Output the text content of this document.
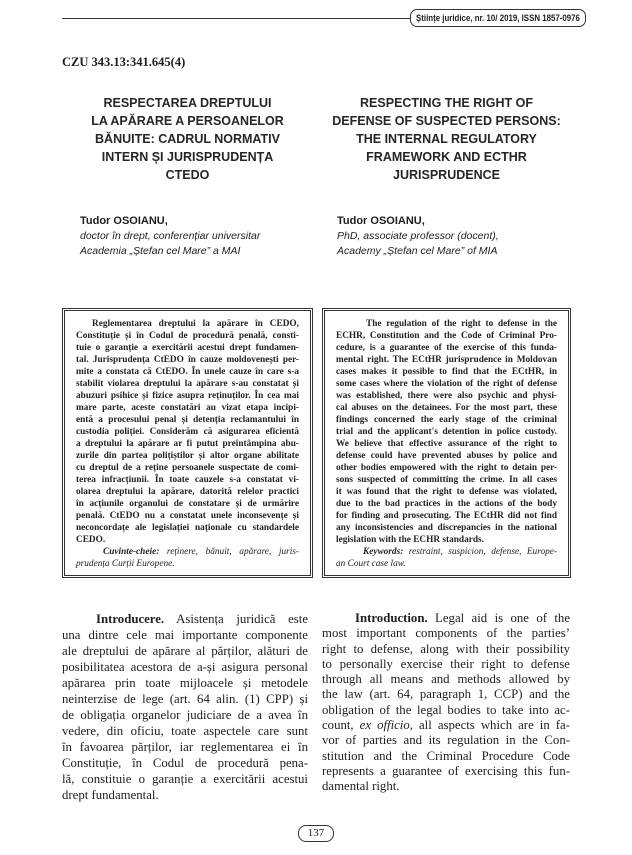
Științe juridice, nr. 10/ 2019, ISSN 1857-0976
CZU 343.13:341.645(4)
RESPECTAREA DREPTULUI
LA APĂRARE A PERSOANELOR
BĂNUITE: CADRUL NORMATIV
INTERN ȘI JURISPRUDENȚA
CTEDO
RESPECTING THE RIGHT OF
DEFENSE OF SUSPECTED PERSONS:
THE INTERNAL REGULATORY
FRAMEWORK AND ECTHR
JURISPRUDENCE
Tudor OSOIANU,
doctor în drept, conferențiar universitar
Academia „Ștefan cel Mare” a MAI
Tudor OSOIANU,
PhD, associate professor (docent),
Academy „Ștefan cel Mare” of MIA
Reglementarea dreptului la apărare în CEDO,
Constituție și în Codul de procedură penală, consti-
tuie o garanție a exercitării acestui drept fundamen-
tal. Jurisprudența CtEDO în cauze moldovenești per-
mite a constata că CtEDO. În unele cauze în care s-a
stabilit violarea dreptului la apărare s-au constatat și
abuzuri psihice și fizice asupra reținuților. În cea mai
mare parte, aceste constatări au vizat etapa incipi-
entă a procesului penal și detenția reclamantului în
custodia poliției. Considerăm că asigurarea eficientă
a dreptului la apărare ar fi putut preîntâmpina abu-
zurile din partea polițiștilor și altor organe abilitate
cu dreptul de a reține persoanele suspectate de comi-
terea infracțiunii. În toate cauzele s-a constatat vi-
olarea dreptului la apărare, datorită relelor practici
în acțiunile organului de constatare și de urmărire
penală. CtEDO nu a constatat unele inconsevențe și
neconcordațe ale legislației naționale cu standardele
CEDO.
Cuvinte-cheie: reținere, bănuit, apărare, juris-
prudența Curții Europene.
The regulation of the right to defense in the
ECHR, Constitution and the Code of Criminal Pro-
cedure, is a guarantee of the exercise of this funda-
mental right. The ECtHR jurisprudence in Moldovan
cases makes it possible to find that the ECtHR, in
some cases where the violation of the right of defense
was established, there were also psychic and physi-
cal abuses on the detainees. For the most part, these
findings concerned the early stage of the criminal
trial and the applicant's detention in police custody.
We believe that effective assurance of the right to
defense could have prevented abuses by police and
other bodies empowered with the right to detain per-
sons suspected of committing the crime. In all cases
it was found that the right to defense was violated,
due to the bad practices in the actions of the body
for finding and prosecuting. The ECtHR did not find
any inconsistencies and discrepancies in the national
legislation with the ECHR standards.
Keywords: restraint, suspicion, defense, Europe-
an Court case law.
Introducere. Asistența juridică este
una dintre cele mai importante componente
ale dreptului de apărare al părților, alături de
posibilitatea acestora de a-și asigura personal
apărarea prin toate mijloacele și metodele
neinterzise de lege (art. 64 alin. (1) CPP) și
de obligația organelor judiciare de a avea în
vedere, din oficiu, toate aspectele care sunt
în favoarea părților, iar reglementarea ei în
Constituție, în Codul de procedură pena-
lă, constituie o garanție a exercitării acestui
drept fundamental.
Introduction. Legal aid is one of the
most important components of the parties’
right to defense, along with their possibility
to personally exercise their right to defense
through all means and methods allowed by
the law (art. 64, paragraph 1, CCP) and the
obligation of the legal bodies to take into ac-
count, ex officio, all aspects which are in fa-
vor of parties and its regulation in the Con-
stitution and the Criminal Procedure Code
represents a guarantee of exercising this fun-
damental right.
137
